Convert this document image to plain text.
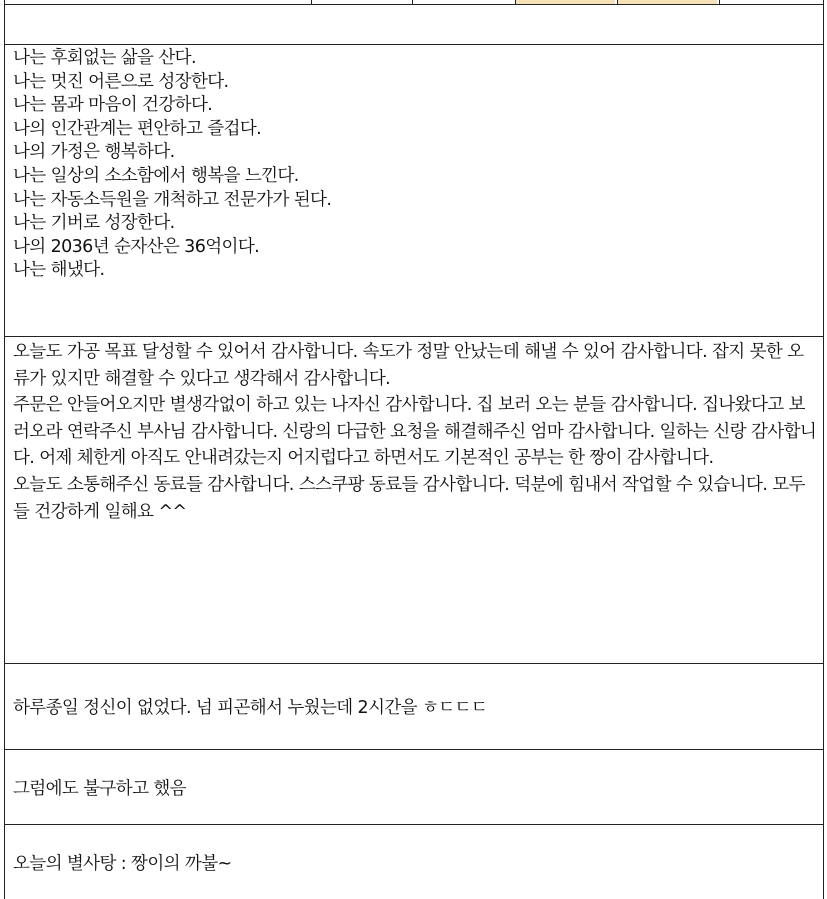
나는 후회없는 삶을 산다.
나는 멋진 어른으로 성장한다.
나는 몸과 마음이 건강하다.
나의 인간관계는 편안하고 즐겁다.
나의 가정은 행복하다.
나는 일상의 소소함에서 행복을 느낀다.
나는 자동소득원을 개척하고 전문가가 된다.
나는 기버로 성장한다.
나의 2036년 순자산은 36억이다.
나는 해냈다.
오늘도 가공 목표 달성할 수 있어서 감사합니다. 속도가 정말 안났는데 해낼 수 있어 감사합니다. 잡지 못한 오류가 있지만 해결할 수 있다고 생각해서 감사합니다.
주문은 안들어오지만 별생각없이 하고 있는 나자신 감사합니다. 집 보러 오는 분들 감사합니다. 집나왔다고 보러오라 연락주신 부사님 감사합니다. 신랑의 다급한 요청을 해결해주신 엄마 감사합니다. 일하는 신랑 감사합니다. 어제 체한게 아직도 안내려갔는지 어지럽다고 하면서도 기본적인 공부는 한 짱이 감사합니다.
오늘도 소통해주신 동료들 감사합니다. 스스쿠팡 동료들 감사합니다. 덕분에 힘내서 작업할 수 있습니다. 모두들 건강하게 일해요 ^^
하루종일 정신이 없었다. 넘 피곤해서 누웠는데 2시간을 ㅎㄷㄷㄷ
그럼에도 불구하고 했음
오늘의 별사탕 : 짱이의 까불~
